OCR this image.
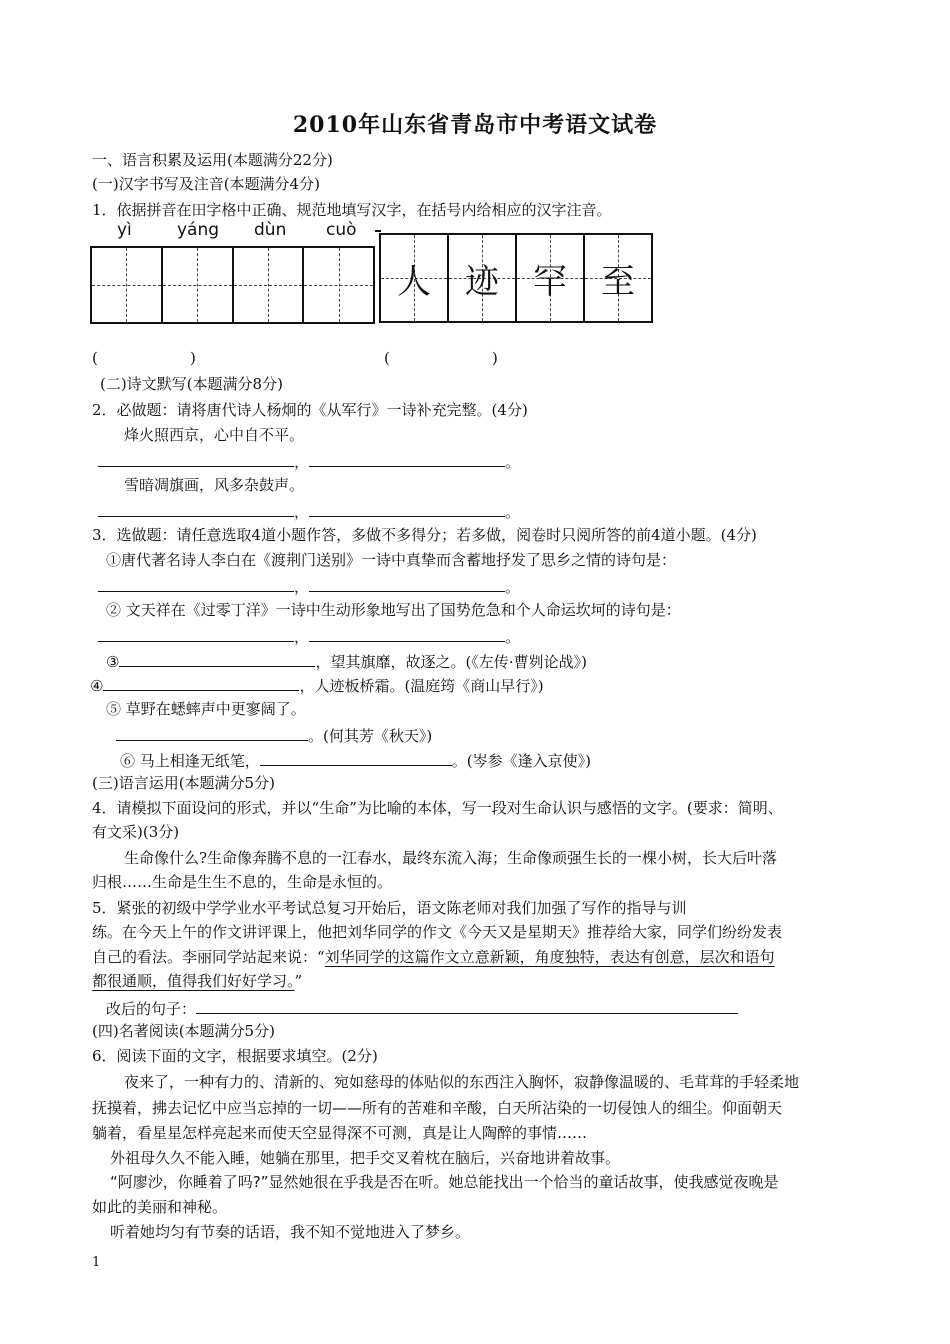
2010年山东省青岛市中考语文试卷
一、语言积累及运用(本题满分22分)
(一)汉字书写及注音(本题满分4分)
1．依据拼音在田字格中正确、规范地填写汉字，在括号内给相应的汉字注音。
yì	yáng dùn cuò
人	迹	罕	至
(	)	(	)
(二)诗文默写(本题满分8分)
2．必做题：请将唐代诗人杨炯的《从军行》一诗补充完整。(4分)
烽火照西京，心中自不平。
，	。
雪暗凋旗画，风多杂鼓声。
，	。
3．选做题：请任意选取4道小题作答，多做不多得分；若多做，阅卷时只阅所答的前4道小题。(4分)
①唐代著名诗人李白在《渡荆门送别》一诗中真挚而含蓄地抒发了思乡之情的诗句是：
，	。
② 文天祥在《过零丁洋》一诗中生动形象地写出了国势危急和个人命运坎坷的诗句是：
，	。
③	，望其旗靡，故逐之。(《左传·曹刿论战》)
④	，人迹板桥霜。(温庭筠《商山早行》)
⑤ 草野在蟋蟀声中更寥阔了。
。(何其芳《秋天》)
⑥ 马上相逢无纸笔，	。(岑参《逢入京使》)
(三)语言运用(本题满分5分)
4．请模拟下面设问的形式，并以“生命”为比喻的本体，写一段对生命认识与感悟的文字。(要求：简明、
有文采)(3分)
生命像什么?生命像奔腾不息的一江春水，最终东流入海；生命像顽强生长的一棵小树，长大后叶落
归根……生命是生生不息的，生命是永恒的。
5．紧张的初级中学学业水平考试总复习开始后，语文陈老师对我们加强了写作的指导与训
练。在今天上午的作文讲评课上，他把刘华同学的作文《今天又是星期天》推荐给大家，同学们纷纷发表
自己的看法。李丽同学站起来说：“刘华同学的这篇作文立意新颖，角度独特，表达有创意，层次和语句
都很通顺，值得我们好好学习。”
改后的句子：
(四)名著阅读(本题满分5分)
6．阅读下面的文字，根据要求填空。(2分)
夜来了，一种有力的、清新的、宛如慈母的体贴似的东西注入胸怀，寂静像温暖的、毛茸茸的手轻柔地
抚摸着，拂去记忆中应当忘掉的一切——所有的苦难和辛酸，白天所沾染的一切侵蚀人的细尘。仰面朝天
躺着，看星星怎样亮起来而使天空显得深不可测，真是让人陶醉的事情……
外祖母久久不能入睡，她躺在那里，把手交叉着枕在脑后，兴奋地讲着故事。
“阿廖沙，你睡着了吗?”显然她很在乎我是否在听。她总能找出一个恰当的童话故事，使我感觉夜晚是
如此的美丽和神秘。
听着她均匀有节奏的话语，我不知不觉地进入了梦乡。
1
